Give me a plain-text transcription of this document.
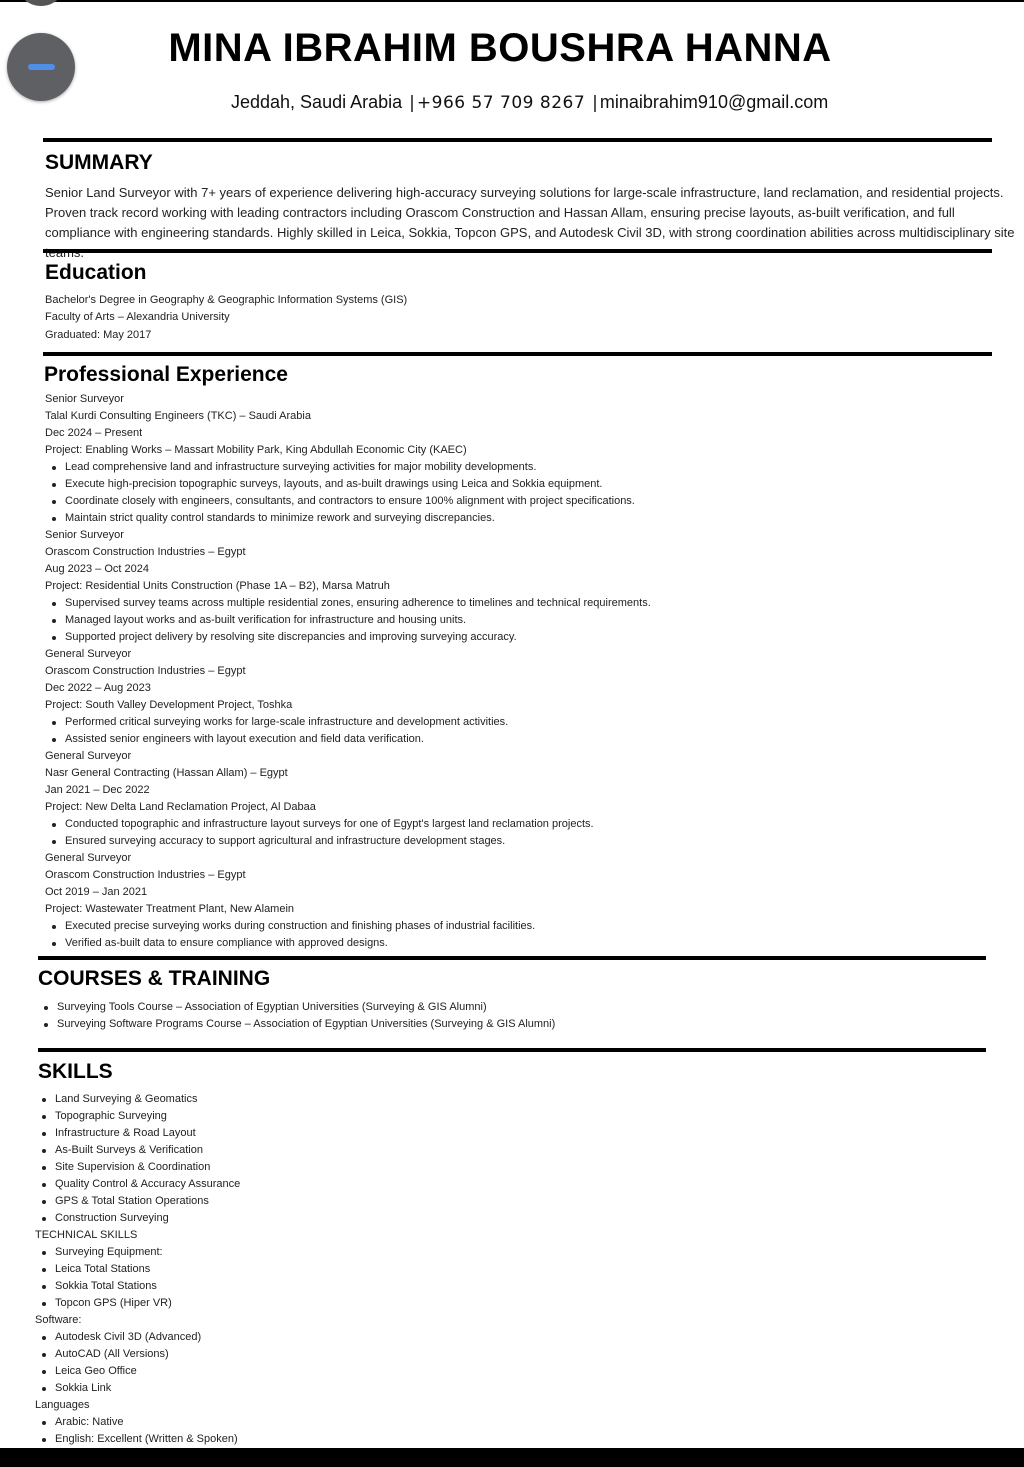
MINA IBRAHIM BOUSHRA HANNA
Jeddah, Saudi Arabia | +966 57 709 8267 | minaibrahim910@gmail.com
SUMMARY
Senior Land Surveyor with 7+ years of experience delivering high-accuracy surveying solutions for large-scale infrastructure, land reclamation, and residential projects. Proven track record working with leading contractors including Orascom Construction and Hassan Allam, ensuring precise layouts, as-built verification, and full compliance with engineering standards. Highly skilled in Leica, Sokkia, Topcon GPS, and Autodesk Civil 3D, with strong coordination abilities across multidisciplinary site
Education
Bachelor's Degree in Geography & Geographic Information Systems (GIS)
Faculty of Arts – Alexandria University
Graduated: May 2017
Professional Experience
Senior Surveyor
Talal Kurdi Consulting Engineers (TKC) – Saudi Arabia
Dec 2024 – Present
Project: Enabling Works – Massart Mobility Park, King Abdullah Economic City (KAEC)
Lead comprehensive land and infrastructure surveying activities for major mobility developments.
Execute high-precision topographic surveys, layouts, and as-built drawings using Leica and Sokkia equipment.
Coordinate closely with engineers, consultants, and contractors to ensure 100% alignment with project specifications.
Maintain strict quality control standards to minimize rework and surveying discrepancies.
Senior Surveyor
Orascom Construction Industries – Egypt
Aug 2023 – Oct 2024
Project: Residential Units Construction (Phase 1A – B2), Marsa Matruh
Supervised survey teams across multiple residential zones, ensuring adherence to timelines and technical requirements.
Managed layout works and as-built verification for infrastructure and housing units.
Supported project delivery by resolving site discrepancies and improving surveying accuracy.
General Surveyor
Orascom Construction Industries – Egypt
Dec 2022 – Aug 2023
Project: South Valley Development Project, Toshka
Performed critical surveying works for large-scale infrastructure and development activities.
Assisted senior engineers with layout execution and field data verification.
General Surveyor
Nasr General Contracting (Hassan Allam) – Egypt
Jan 2021 – Dec 2022
Project: New Delta Land Reclamation Project, Al Dabaa
Conducted topographic and infrastructure layout surveys for one of Egypt's largest land reclamation projects.
Ensured surveying accuracy to support agricultural and infrastructure development stages.
General Surveyor
Orascom Construction Industries – Egypt
Oct 2019 – Jan 2021
Project: Wastewater Treatment Plant, New Alamein
Executed precise surveying works during construction and finishing phases of industrial facilities.
Verified as-built data to ensure compliance with approved designs.
COURSES & TRAINING
Surveying Tools Course – Association of Egyptian Universities (Surveying & GIS Alumni)
Surveying Software Programs Course – Association of Egyptian Universities (Surveying & GIS Alumni)
SKILLS
Land Surveying & Geomatics
Topographic Surveying
Infrastructure & Road Layout
As-Built Surveys & Verification
Site Supervision & Coordination
Quality Control & Accuracy Assurance
GPS & Total Station Operations
Construction Surveying
TECHNICAL SKILLS
Surveying Equipment:
Leica Total Stations
Sokkia Total Stations
Topcon GPS (Hiper VR)
Software:
Autodesk Civil 3D (Advanced)
AutoCAD (All Versions)
Leica Geo Office
Sokkia Link
Languages
Arabic: Native
English: Excellent (Written & Spoken)
